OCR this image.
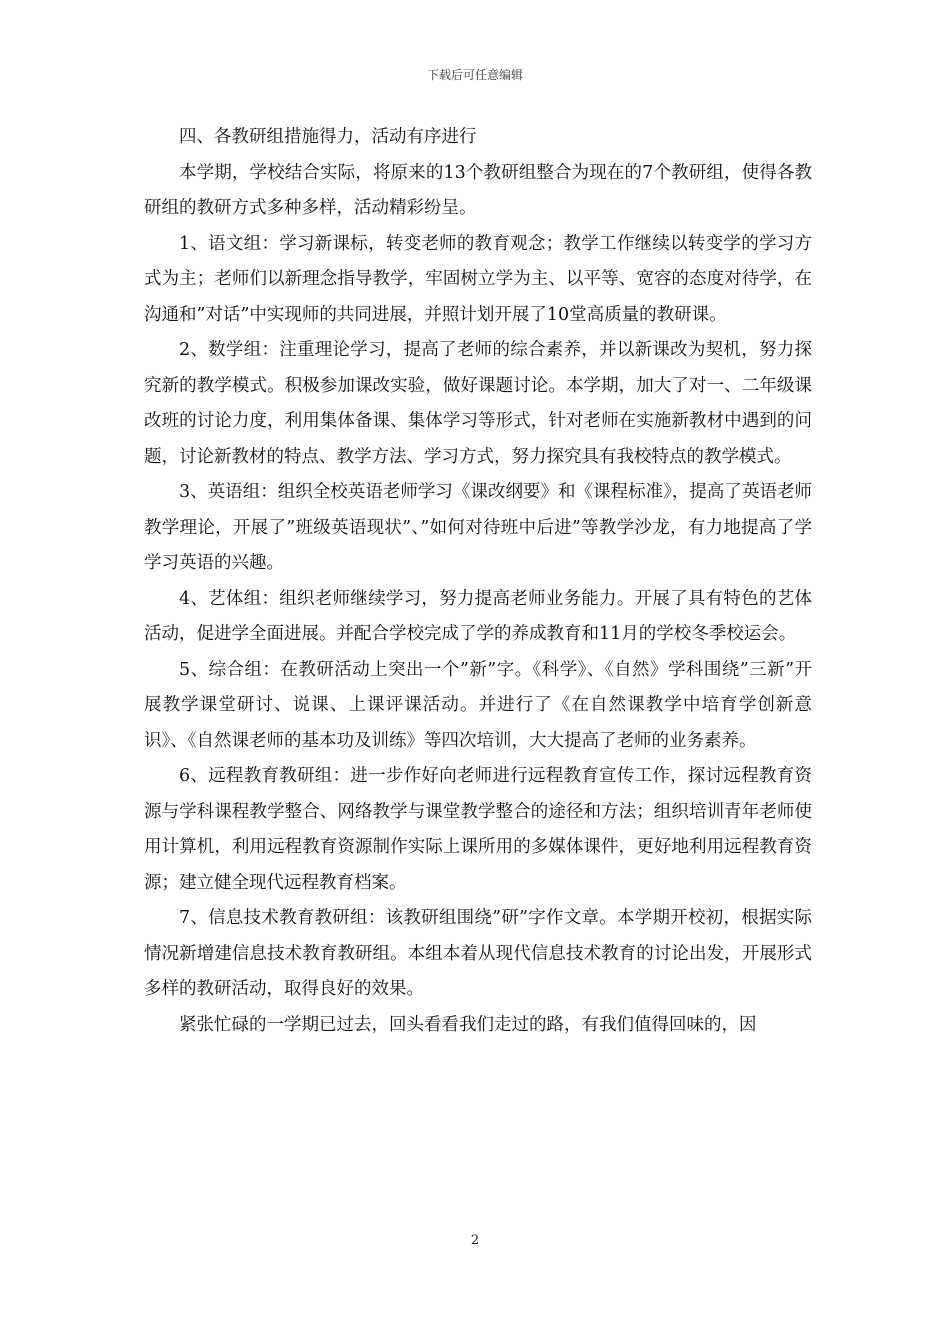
下载后可任意编辑

四、各教研组措施得力，活动有序进行

本学期，学校结合实际，将原来的13个教研组整合为现在的7个教研组，使得各教研组的教研方式多种多样，活动精彩纷呈。

1、语文组：学习新课标，转变老师的教育观念；教学工作继续以转变学的学习方式为主；老师们以新理念指导教学，牢固树立学为主、以平等、宽容的态度对待学，在沟通和”对话”中实现师的共同进展，并照计划开展了10堂高质量的教研课。

2、数学组：注重理论学习，提高了老师的综合素养，并以新课改为契机，努力探究新的教学模式。积极参加课改实验，做好课题讨论。本学期，加大了对一、二年级课改班的讨论力度，利用集体备课、集体学习等形式，针对老师在实施新教材中遇到的问题，讨论新教材的特点、教学方法、学习方式，努力探究具有我校特点的教学模式。

3、英语组：组织全校英语老师学习《课改纲要》和《课程标准》，提高了英语老师教学理论，开展了”班级英语现状”、”如何对待班中后进”等教学沙龙，有力地提高了学学习英语的兴趣。

4、艺体组：组织老师继续学习，努力提高老师业务能力。开展了具有特色的艺体活动，促进学全面进展。并配合学校完成了学的养成教育和11月的学校冬季校运会。

5、综合组：在教研活动上突出一个”新”字。《科学》、《自然》学科围绕”三新”开展教学课堂研讨、说课、上课评课活动。并进行了《在自然课教学中培育学创新意识》、《自然课老师的基本功及训练》等四次培训，大大提高了老师的业务素养。

6、远程教育教研组：进一步作好向老师进行远程教育宣传工作，探讨远程教育资源与学科课程教学整合、网络教学与课堂教学整合的途径和方法；组织培训青年老师使用计算机，利用远程教育资源制作实际上课所用的多媒体课件，更好地利用远程教育资源；建立健全现代远程教育档案。

7、信息技术教育教研组：该教研组围绕”研”字作文章。本学期开校初，根据实际情况新增建信息技术教育教研组。本组本着从现代信息技术教育的讨论出发，开展形式多样的教研活动，取得良好的效果。

紧张忙碌的一学期已过去，回头看看我们走过的路，有我们值得回味的，因

2
